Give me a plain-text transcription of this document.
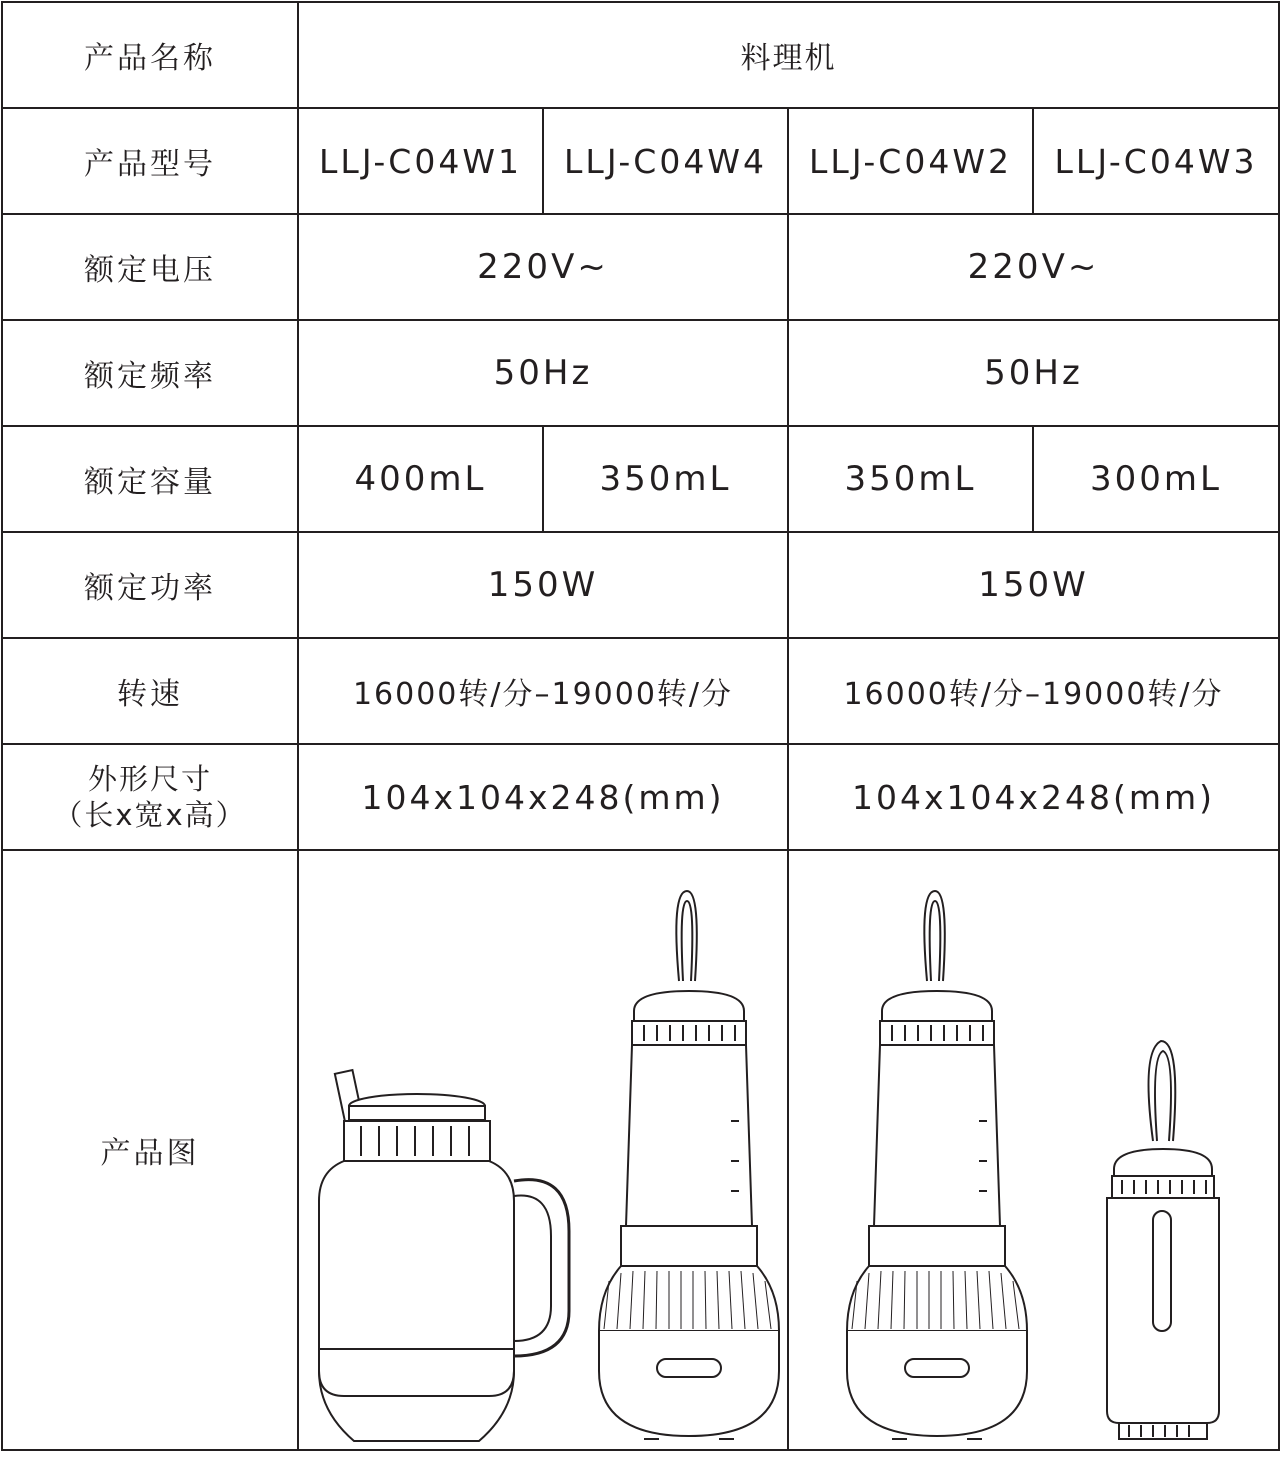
产品名称	料理机			
产品型号	LLJ-C04W1	LLJ-C04W4	LLJ-C04W2	LLJ-C04W3
额定电压	220V~		220V~	
额定频率	50Hz		50Hz	
额定容量	400mL	350mL	350mL	300mL
额定功率	150W		150W	
转速	16000转/分–19000转/分		16000转/分–19000转/分	

外形尺寸
（长x宽x高）	104x104x248(mm)		104x104x248(mm)	
产品图	
